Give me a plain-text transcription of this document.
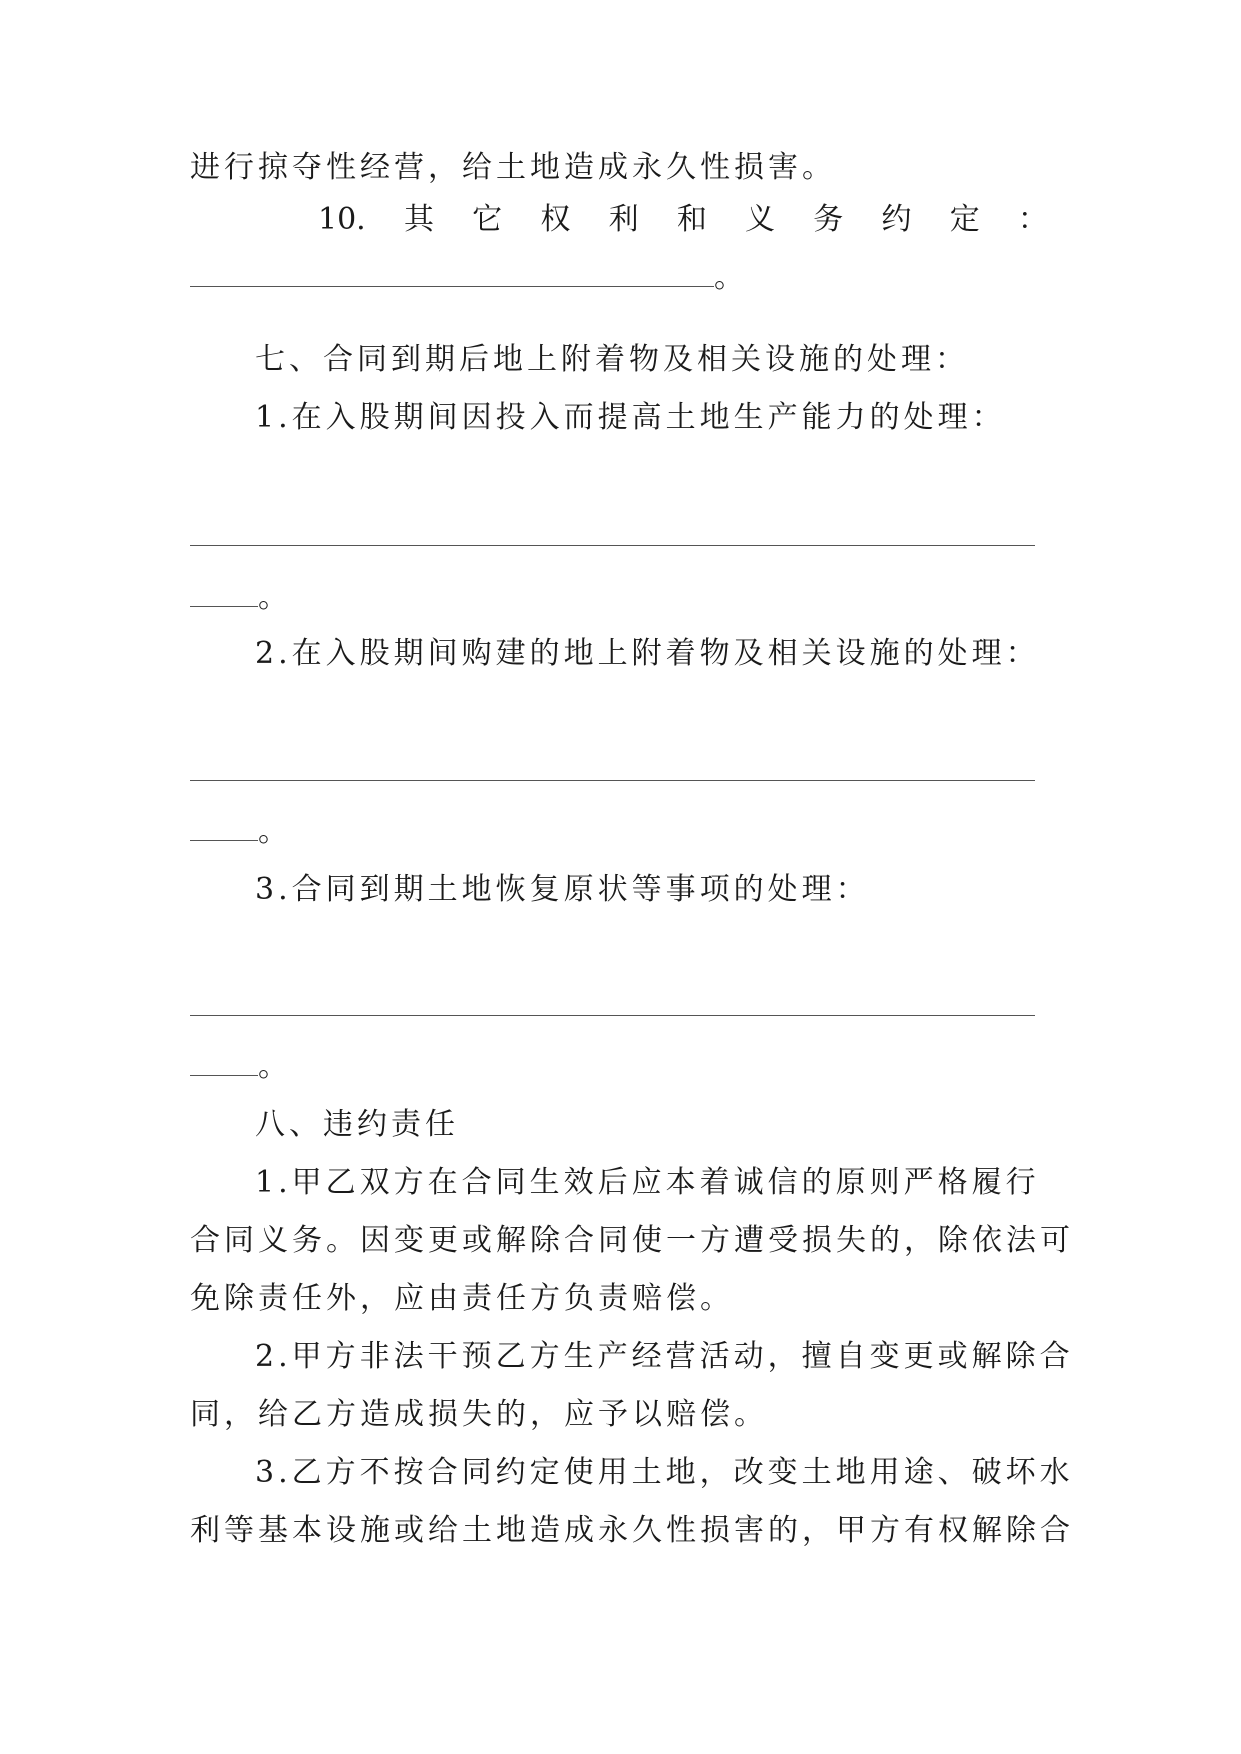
进行掠夺性经营，给土地造成永久性损害。
10. 其 它 权 利 和 义 务 约 定 ：
。
七、合同到期后地上附着物及相关设施的处理：
1.在入股期间因投入而提高土地生产能力的处理：
。
2.在入股期间购建的地上附着物及相关设施的处理：
。
3.合同到期土地恢复原状等事项的处理：
。
八、违约责任
1.甲乙双方在合同生效后应本着诚信的原则严格履行
合同义务。因变更或解除合同使一方遭受损失的，除依法可
免除责任外，应由责任方负责赔偿。
2.甲方非法干预乙方生产经营活动，擅自变更或解除合
同，给乙方造成损失的，应予以赔偿。
3.乙方不按合同约定使用土地，改变土地用途、破坏水
利等基本设施或给土地造成永久性损害的，甲方有权解除合
